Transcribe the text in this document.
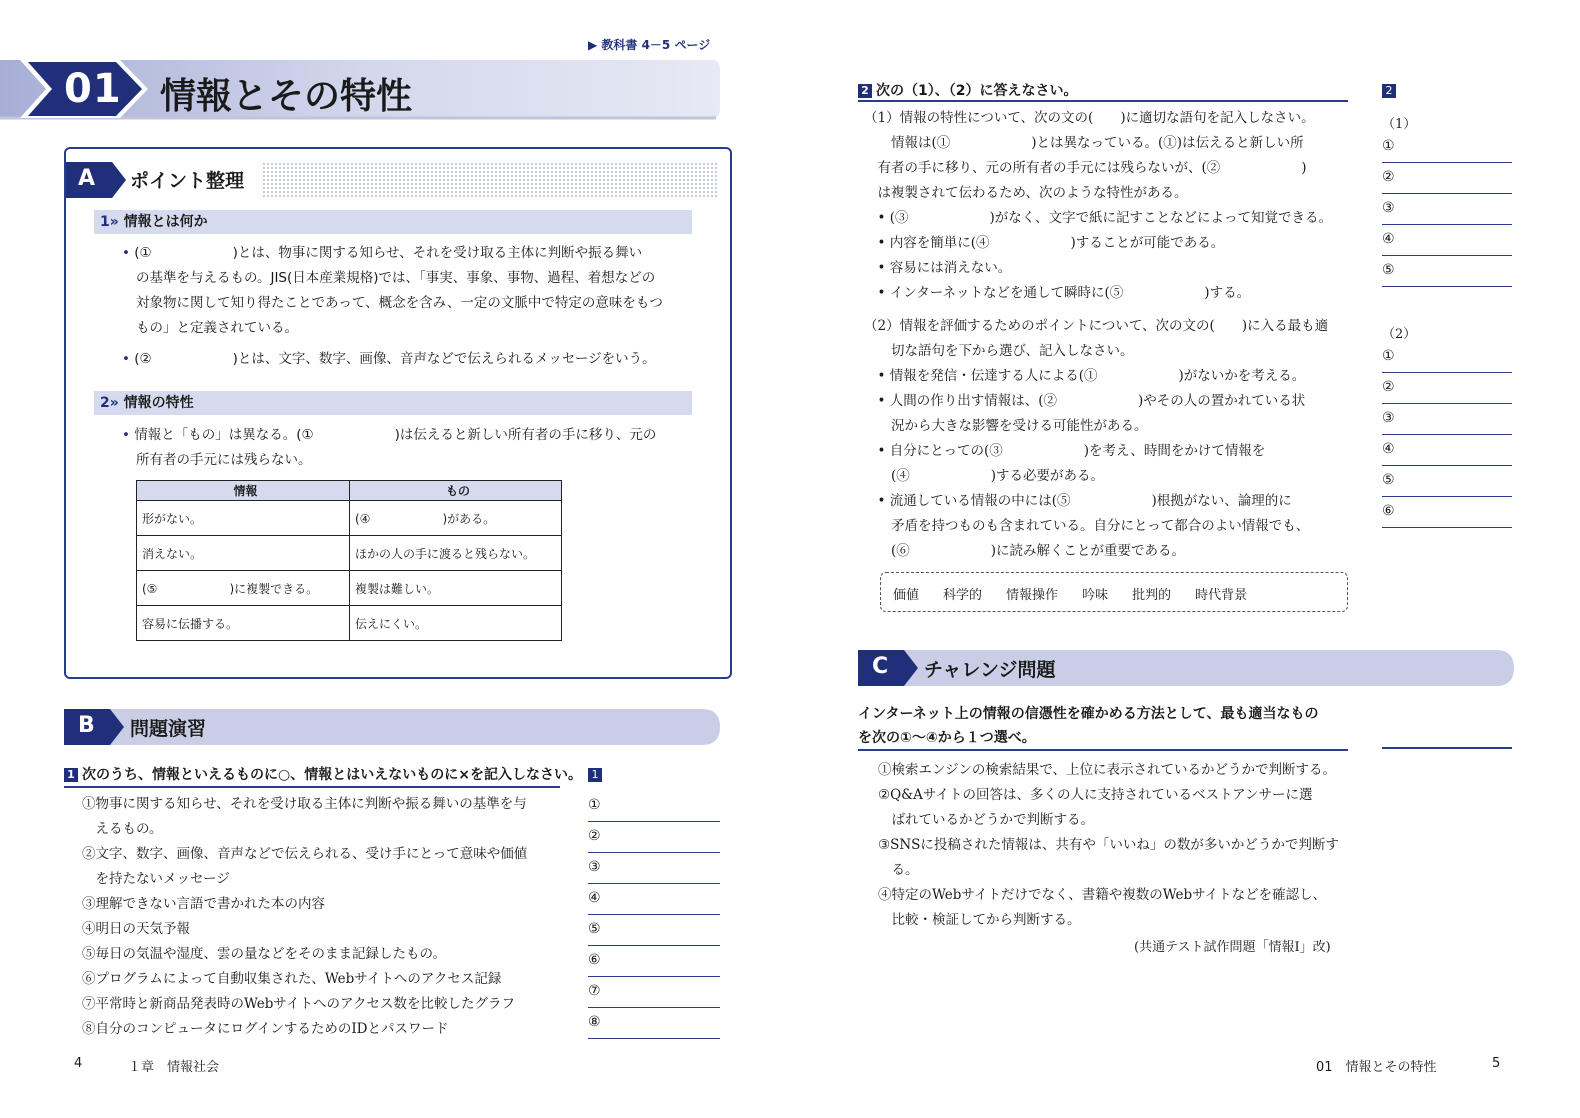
▶ 教科書 4－5 ページ
01 情報とその特性
A ポイント整理
1» 情報とは何か
• (①　　　　　　)とは、物事に関する知らせ、それを受け取る主体に判断や振る舞い
の基準を与えるもの。JIS(日本産業規格)では、「事実、事象、事物、過程、着想などの
対象物に関して知り得たことであって、概念を含み、一定の文脈中で特定の意味をもつ
もの」と定義されている。
• (②　　　　　　)とは、文字、数字、画像、音声などで伝えられるメッセージをいう。
2» 情報の特性
• 情報と「もの」は異なる。(①　　　　　　)は伝えると新しい所有者の手に移り、元の
所有者の手元には残らない。
情報	もの
形がない。	(④　　　　　　)がある。
消えない。	ほかの人の手に渡ると残らない。
(⑤　　　　　　)に複製できる。	複製は難しい。
容易に伝播する。	伝えにくい。
B 問題演習
1 次のうち、情報といえるものに○、情報とはいえないものに×を記入しなさい。
①物事に関する知らせ、それを受け取る主体に判断や振る舞いの基準を与
　えるもの。
②文字、数字、画像、音声などで伝えられる、受け手にとって意味や価値
　を持たないメッセージ
③理解できない言語で書かれた本の内容
④明日の天気予報
⑤毎日の気温や湿度、雲の量などをそのまま記録したもの。
⑥プログラムによって自動収集された、Webサイトへのアクセス記録
⑦平常時と新商品発表時のWebサイトへのアクセス数を比較したグラフ
⑧自分のコンピュータにログインするためのIDとパスワード
1
①
②
③
④
⑤
⑥
⑦
⑧
4	１章　情報社会
2 次の（1）、（2）に答えなさい。
（1）情報の特性について、次の文の(　　)に適切な語句を記入しなさい。
　　情報は(①　　　　　　)とは異なっている。(①)は伝えると新しい所
　有者の手に移り、元の所有者の手元には残らないが、(②　　　　　　)
　は複製されて伝わるため、次のような特性がある。
　• (③　　　　　　)がなく、文字で紙に記すことなどによって知覚できる。
　• 内容を簡単に(④　　　　　　)することが可能である。
　• 容易には消えない。
　• インターネットなどを通して瞬時に(⑤　　　　　　)する。
（2）情報を評価するためのポイントについて、次の文の(　　)に入る最も適
　　切な語句を下から選び、記入しなさい。
　• 情報を発信・伝達する人による(①　　　　　　)がないかを考える。
　• 人間の作り出す情報は、(②　　　　　　)やその人の置かれている状
　　況から大きな影響を受ける可能性がある。
　• 自分にとっての(③　　　　　　)を考え、時間をかけて情報を
　　(④　　　　　　)する必要がある。
　• 流通している情報の中には(⑤　　　　　　)根拠がない、論理的に
　　矛盾を持つものも含まれている。自分にとって都合のよい情報でも、
　　(⑥　　　　　　)に読み解くことが重要である。
価値 科学的 情報操作 吟味 批判的 時代背景
2
（1）
①
②
③
④
⑤
（2）
①
②
③
④
⑤
⑥
C チャレンジ問題
インターネット上の情報の信憑性を確かめる方法として、最も適当なもの
を次の①～④から１つ選べ。
①検索エンジンの検索結果で、上位に表示されているかどうかで判断する。
②Q&Aサイトの回答は、多くの人に支持されているベストアンサーに選
　ばれているかどうかで判断する。
③SNSに投稿された情報は、共有や「いいね」の数が多いかどうかで判断す
　る。
④特定のWebサイトだけでなく、書籍や複数のWebサイトなどを確認し、
　比較・検証してから判断する。
(共通テスト試作問題「情報Ⅰ」改)
01　情報とその特性	5
